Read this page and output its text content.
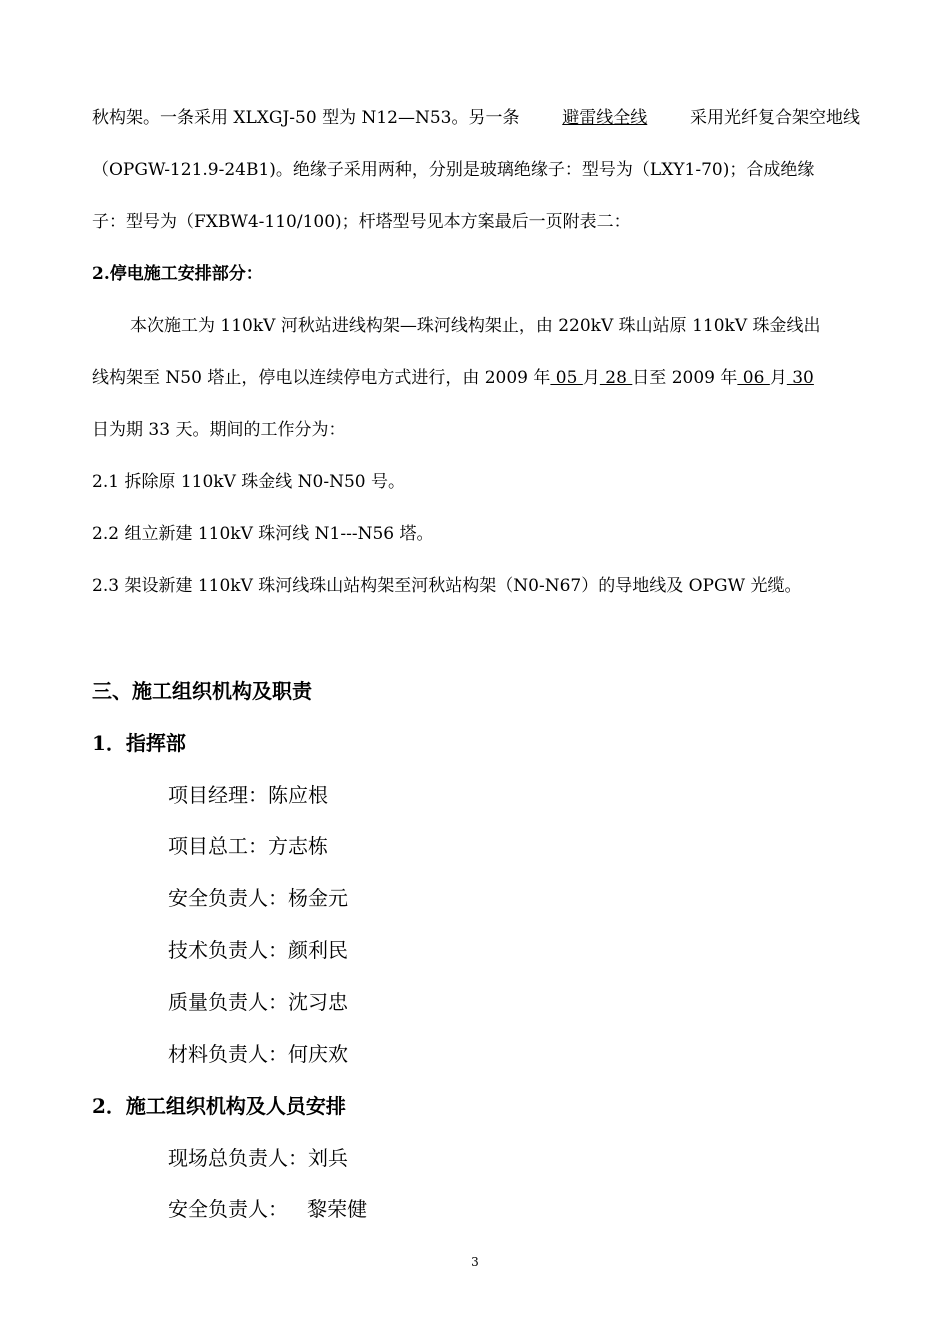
秋构架。一条采用 XLXGJ-50 型为 N12—N53。另一条	避雷线全线	采用光纤复合架空地线
（OPGW-121.9-24B1)。绝缘子采用两种，分别是玻璃绝缘子：型号为（LXY1-70)；合成绝缘
子：型号为（FXBW4-110/100)；杆塔型号见本方案最后一页附表二：
2.停电施工安排部分：
本次施工为 110kV 河秋站进线构架—珠河线构架止，由 220kV 珠山站原 110kV 珠金线出
线构架至 N50 塔止，停电以连续停电方式进行，由 2009 年 05 月 28 日至 2009 年 06 月 30
日为期 33 天。期间的工作分为：
2.1 拆除原 110kV 珠金线 N0-N50 号。
2.2 组立新建 110kV 珠河线 N1---N56 塔。
2.3 架设新建 110kV 珠河线珠山站构架至河秋站构架（N0-N67）的导地线及 OPGW 光缆。
三、施工组织机构及职责
1．指挥部
项目经理：陈应根
项目总工：方志栋
安全负责人：杨金元
技术负责人：颜利民
质量负责人：沈习忠
材料负责人：何庆欢
2．施工组织机构及人员安排
现场总负责人：刘兵
安全负责人：   黎荣健
3
